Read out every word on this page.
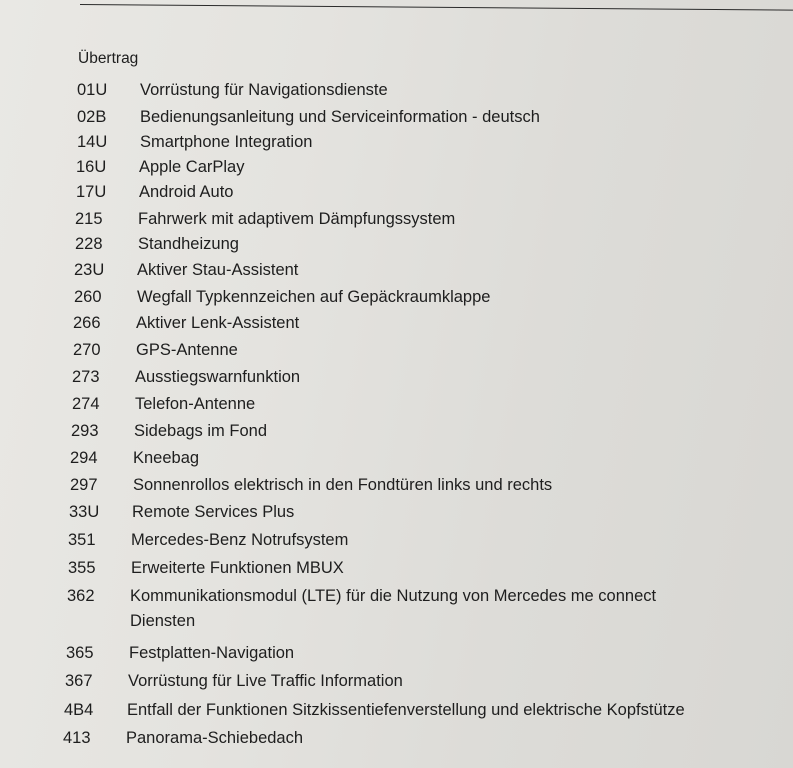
Übertrag
01U	Vorrüstung für Navigationsdienste
02B	Bedienungsanleitung und Serviceinformation - deutsch
14U	Smartphone Integration
16U	Apple CarPlay
17U	Android Auto
215	Fahrwerk mit adaptivem Dämpfungssystem
228	Standheizung
23U	Aktiver Stau-Assistent
260	Wegfall Typkennzeichen auf Gepäckraumklappe
266	Aktiver Lenk-Assistent
270	GPS-Antenne
273	Ausstiegswarnfunktion
274	Telefon-Antenne
293	Sidebags im Fond
294	Kneebag
297	Sonnenrollos elektrisch in den Fondtüren links und rechts
33U	Remote Services Plus
351	Mercedes-Benz Notrufsystem
355	Erweiterte Funktionen MBUX
362	Kommunikationsmodul (LTE) für die Nutzung von Mercedes me connect
Diensten
365	Festplatten-Navigation
367	Vorrüstung für Live Traffic Information
4B4	Entfall der Funktionen Sitzkissentiefenverstellung und elektrische Kopfstütze
413	Panorama-Schiebedach
